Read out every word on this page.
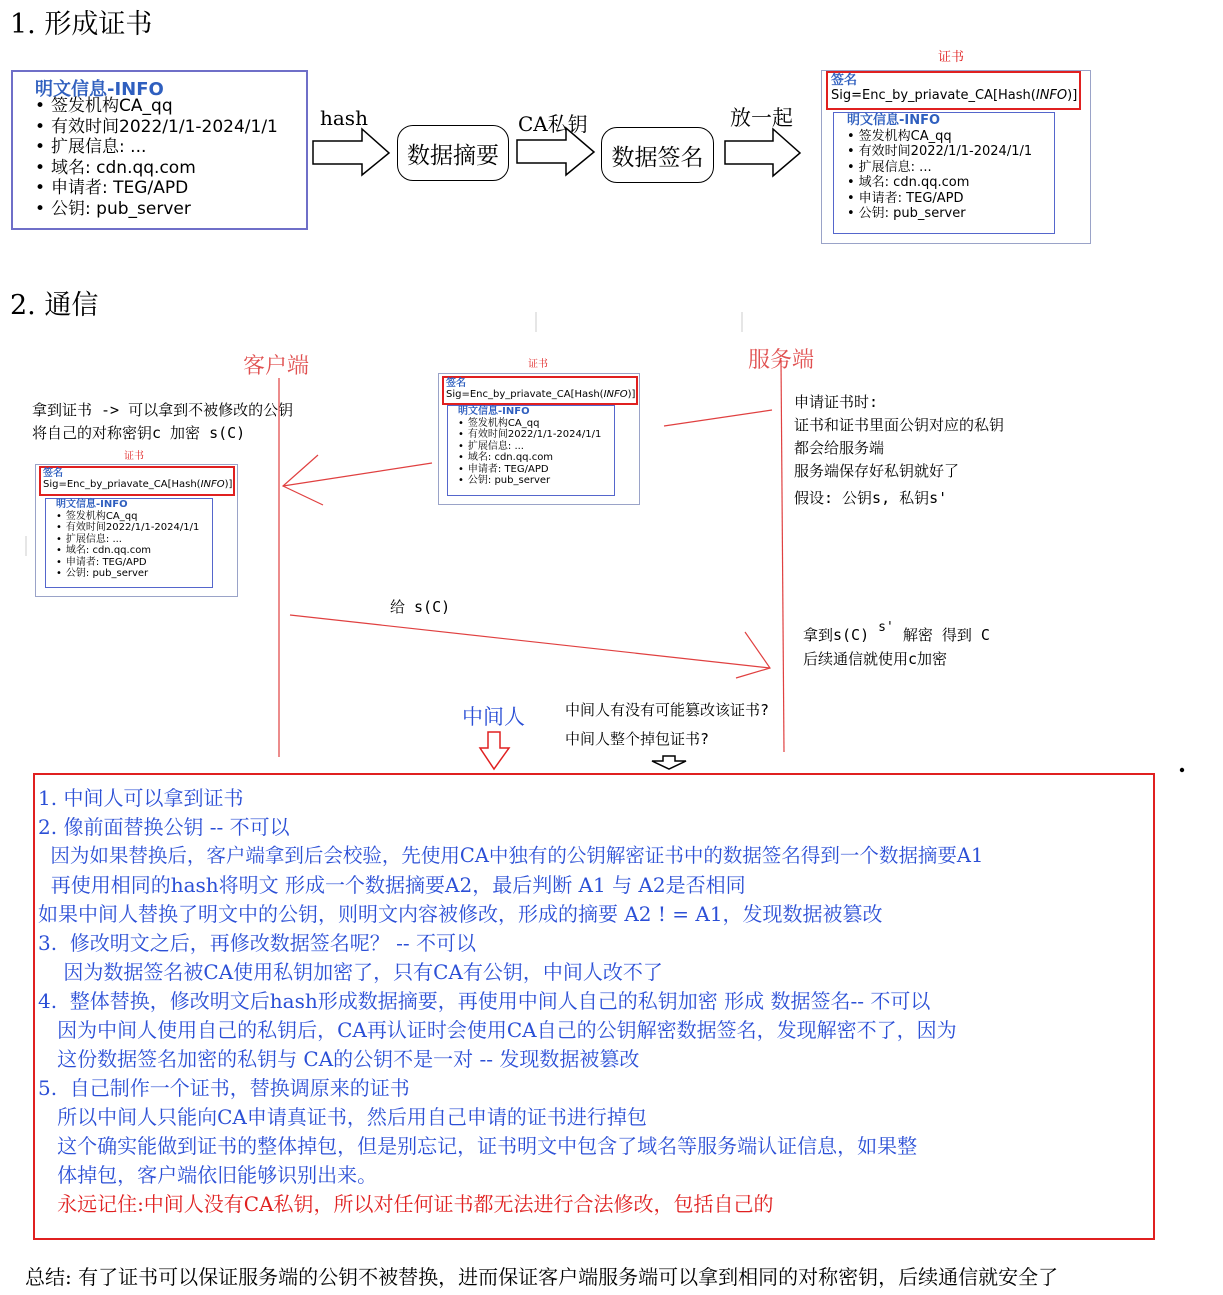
1. 形成证书
明文信息-INFO
• 签发机构CA_qq
• 有效时间2022/1/1-2024/1/1
• 扩展信息: ...
• 域名: cdn.qq.com
• 申请者: TEG/APD
• 公钥: pub_server
hash	CA私钥	放一起
数据摘要	数据签名
证书
签名
Sig=Enc_by_priavate_CA[Hash(INFO)]
明文信息-INFO
• 签发机构CA_qq
• 有效时间2022/1/1-2024/1/1
• 扩展信息: ...
• 域名: cdn.qq.com
• 申请者: TEG/APD
• 公钥: pub_server
2. 通信
客户端	服务端
拿到证书 -> 可以拿到不被修改的公钥
将自己的对称密钥c 加密 s(C)
申请证书时:
证书和证书里面公钥对应的私钥
都会给服务端
服务端保存好私钥就好了
假设: 公钥s, 私钥s'
证书
签名
Sig=Enc_by_priavate_CA[Hash(INFO)]
明文信息-INFO
• 签发机构CA_qq
• 有效时间2022/1/1-2024/1/1
• 扩展信息: ...
• 域名: cdn.qq.com
• 申请者: TEG/APD
• 公钥: pub_server
证书
签名
Sig=Enc_by_priavate_CA[Hash(INFO)]
明文信息-INFO
• 签发机构CA_qq
• 有效时间2022/1/1-2024/1/1
• 扩展信息: ...
• 域名: cdn.qq.com
• 申请者: TEG/APD
• 公钥: pub_server
给 s(C)
拿到s(C) s' 解密 得到 C
后续通信就使用c加密
中间人	中间人有没有可能篡改该证书?
中间人整个掉包证书?
1. 中间人可以拿到证书
2. 像前面替换公钥 -- 不可以
因为如果替换后，客户端拿到后会校验，先使用CA中独有的公钥解密证书中的数据签名得到一个数据摘要A1
再使用相同的hash将明文 形成一个数据摘要A2，最后判断 A1 与 A2是否相同
如果中间人替换了明文中的公钥，则明文内容被修改，形成的摘要 A2 ! = A1，发现数据被篡改
3.  修改明文之后，再修改数据签名呢？ -- 不可以
因为数据签名被CA使用私钥加密了，只有CA有公钥，中间人改不了
4.  整体替换，修改明文后hash形成数据摘要，再使用中间人自己的私钥加密 形成 数据签名-- 不可以
因为中间人使用自己的私钥后，CA再认证时会使用CA自己的公钥解密数据签名，发现解密不了，因为
这份数据签名加密的私钥与 CA的公钥不是一对 -- 发现数据被篡改
5.  自己制作一个证书，替换调原来的证书
所以中间人只能向CA申请真证书，然后用自己申请的证书进行掉包
这个确实能做到证书的整体掉包，但是别忘记，证书明文中包含了域名等服务端认证信息，如果整
体掉包，客户端依旧能够识别出来。
永远记住:中间人没有CA私钥，所以对任何证书都无法进行合法修改，包括自己的
总结: 有了证书可以保证服务端的公钥不被替换，进而保证客户端服务端可以拿到相同的对称密钥，后续通信就安全了
